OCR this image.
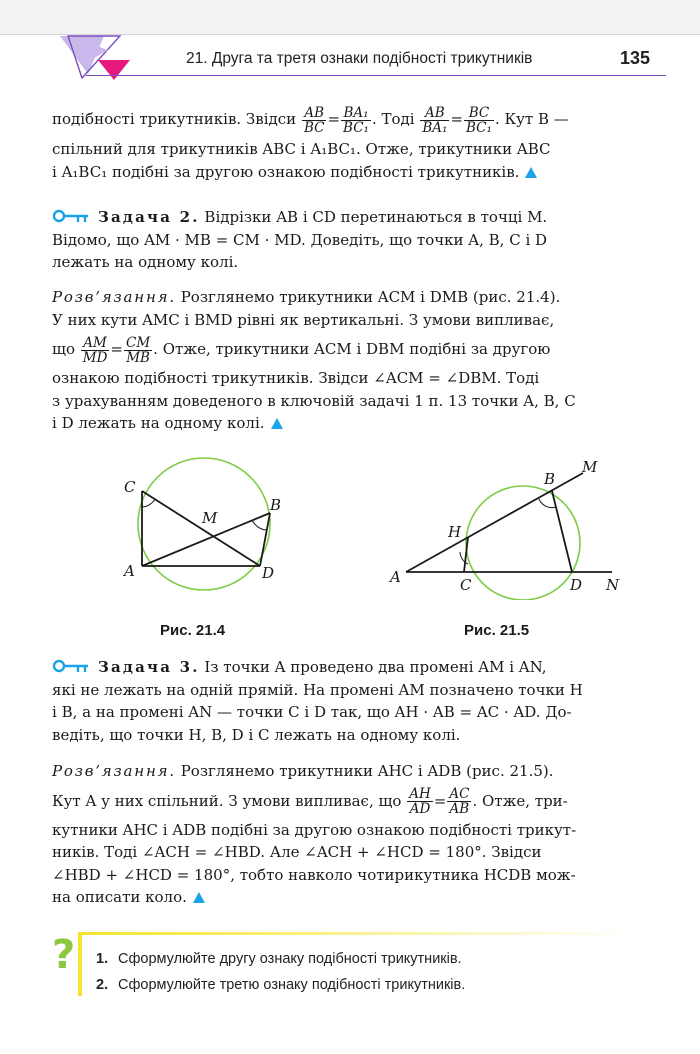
21. Друга та третя ознаки подібності трикутників	135
подібності трикутників. Звідси $\frac{AB}{BC} = \frac{\text{BA₁}}{\text{BC₁}}$ . Тоді $\frac{AB}{\text{BA₁}} = \frac{BC}{\text{BC₁}}$ . Кут B —
спільний для трикутників ABC і A₁BC₁. Отже, трикутники ABC
і A₁BC₁ подібні за другою ознакою подібності трикутників.
Задача 2. Відрізки AB і CD перетинаються в точці M.
Відомо, що AM · MB = CM · MD. Доведіть, що точки A, B, C і D
лежать на одному колі.
Розв’язання. Розглянемо трикутники ACM і DMB (рис. 21.4).
У них кути AMC і BMD рівні як вертикальні. З умови випливає,
що $\frac{AM}{MD} = \frac{CM}{MB}$ . Отже, трикутники ACM і DBM подібні за другою
ознакою подібності трикутників. Звідси ∠ACM = ∠DBM. Тоді
з урахуванням доведеного в ключовій задачі 1 п. 13 точки A, B, C
і D лежать на одному колі.
C
A
B
D
M
Рис. 21.4
A
B
M
H
C	D N
Рис. 21.5
Задача 3. Із точки A проведено два промені AM і AN,
які не лежать на одній прямій. На промені AM позначено точки H
і B, а на промені AN — точки C і D так, що AH · AB = AC · AD. До-
ведіть, що точки H, B, D і C лежать на одному колі.
Розв’язання. Розглянемо трикутники AHC і ADB (рис. 21.5).
Кут A у них спільний. З умови випливає, що $\frac{AH}{AD} = \frac{AC}{AB}$ . Отже, три-
кутники AHC і ADB подібні за другою ознакою подібності трикут-
ників. Тоді ∠ACH = ∠HBD. Але ∠ACH + ∠HCD = 180°. Звідси
∠HBD + ∠HCD = 180°, тобто навколо чотирикутника HCDB мож-
на описати коло.
?	1. Сформулюйте другу ознаку подібності трикутників.
2. Сформулюйте третю ознаку подібності трикутників.
